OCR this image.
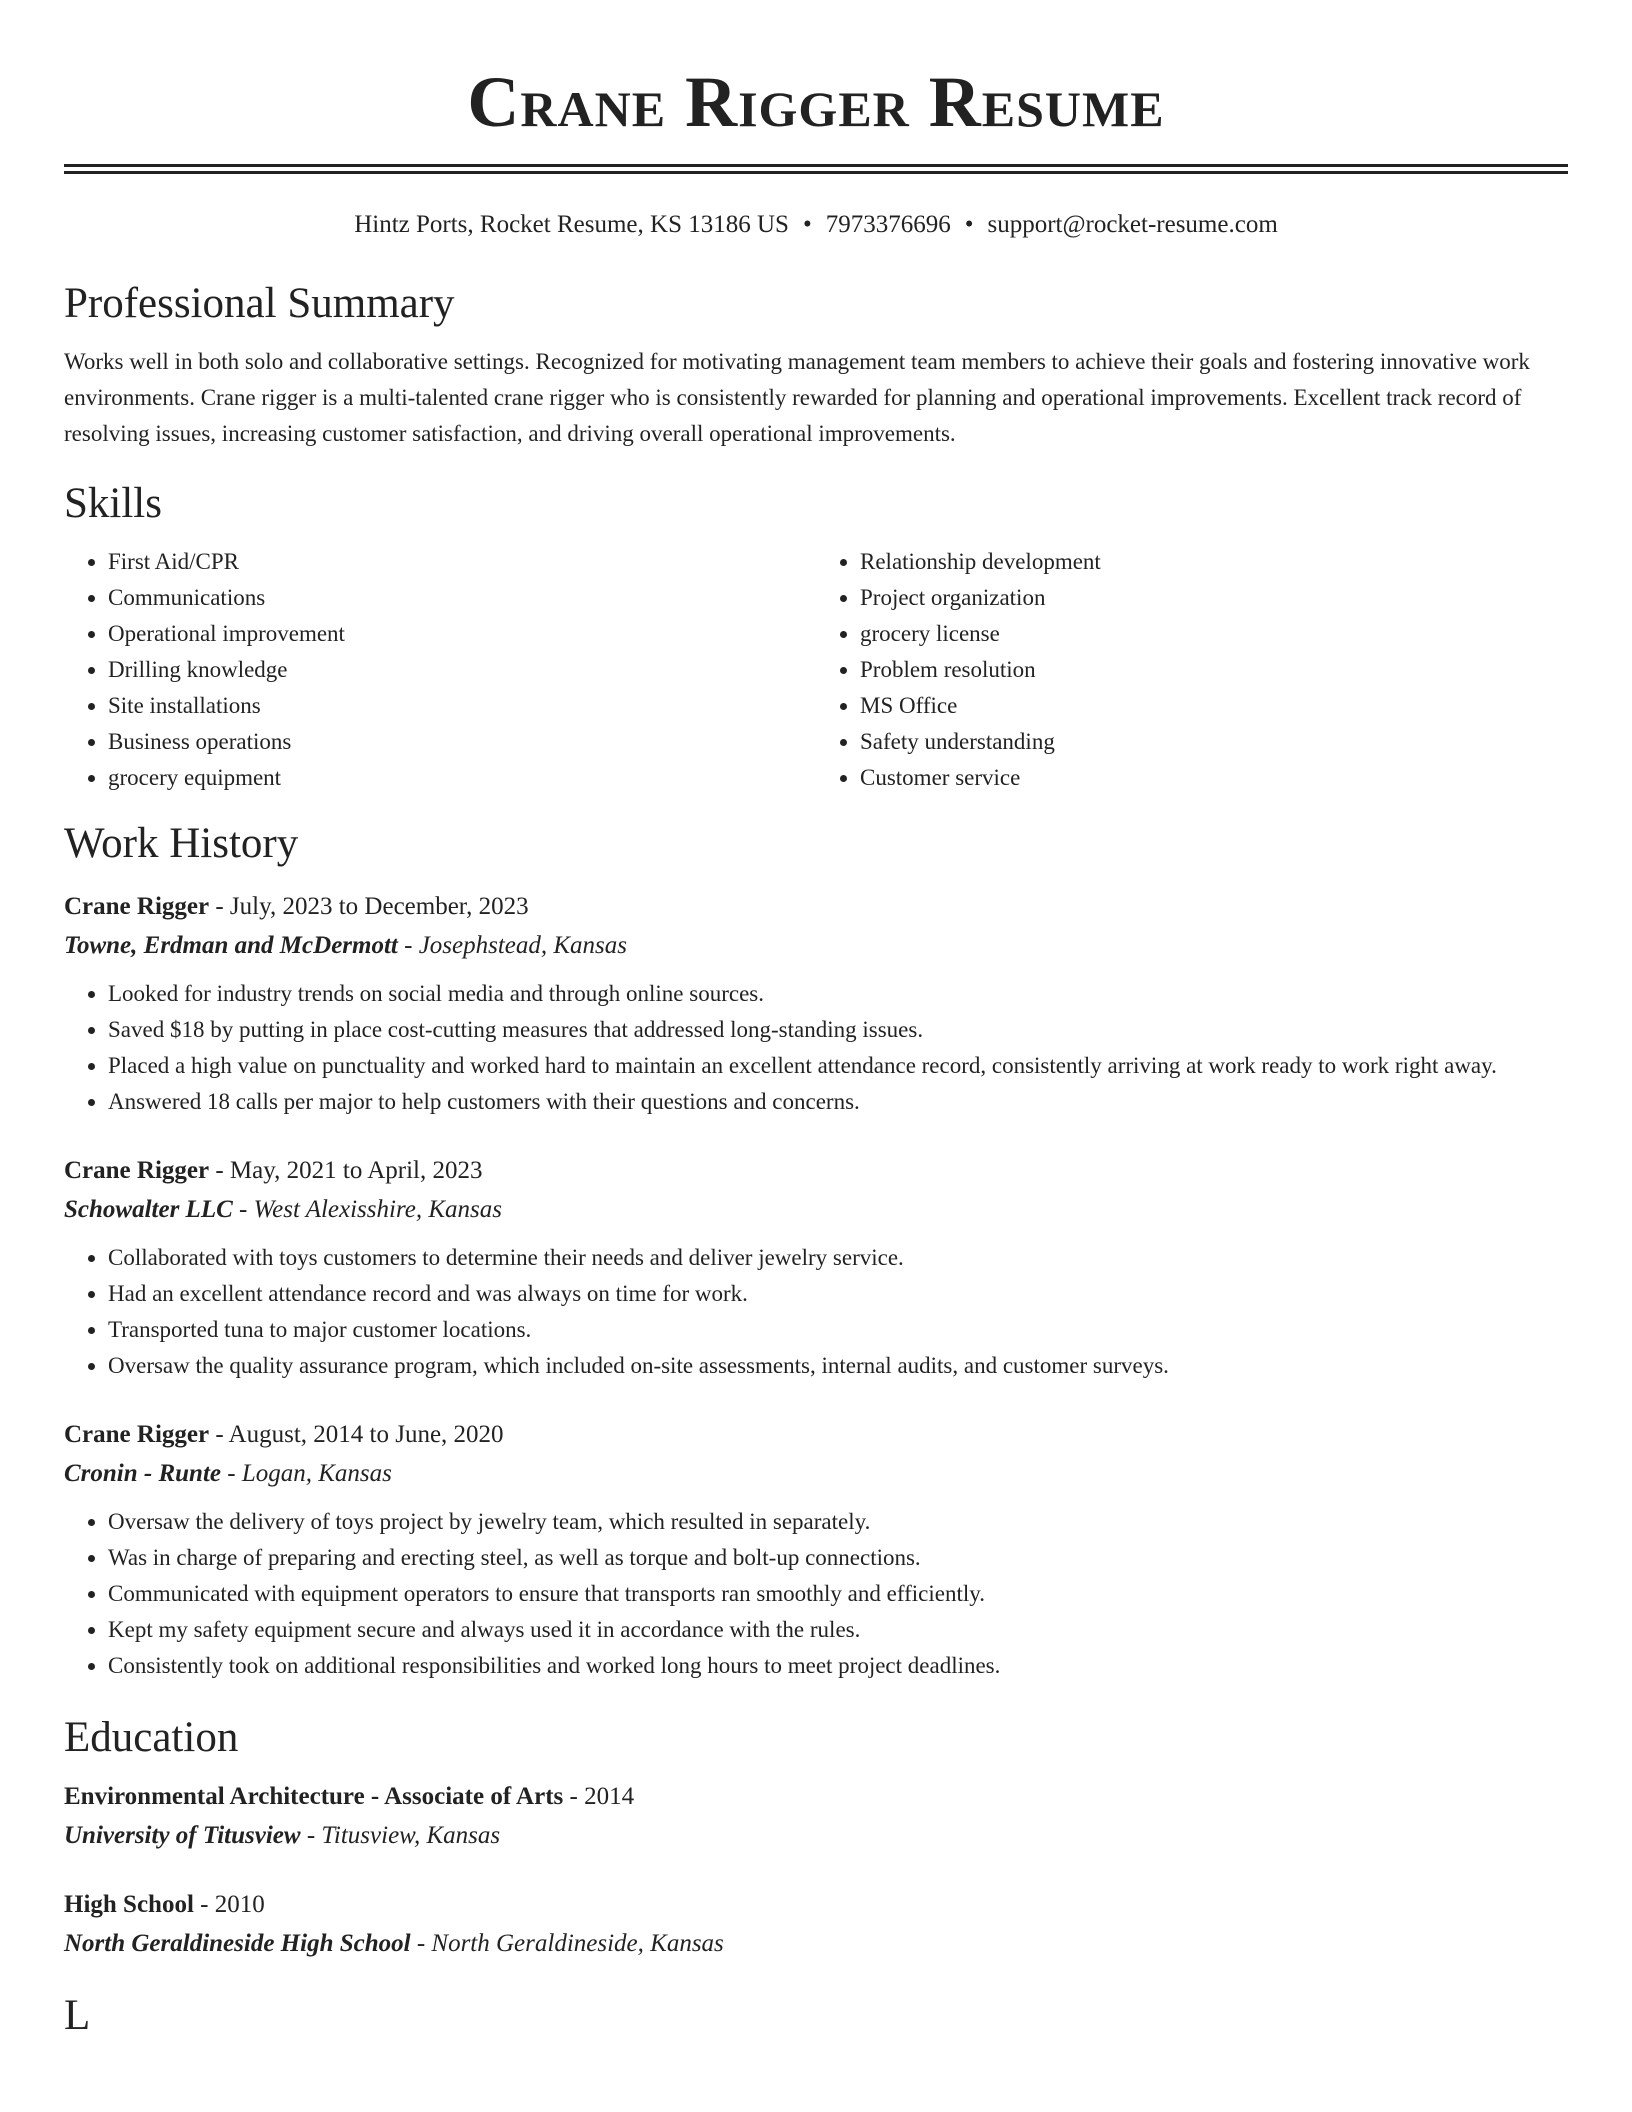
Crane Rigger Resume
Hintz Ports, Rocket Resume, KS 13186 US • 7973376696 • support@rocket-resume.com
Professional Summary

Works well in both solo and collaborative settings. Recognized for motivating management team members to achieve their goals and fostering innovative work environments. Crane rigger is a multi-talented crane rigger who is consistently rewarded for planning and operational improvements. Excellent track record of resolving issues, increasing customer satisfaction, and driving overall operational improvements.

Skills
• First Aid/CPR
• Communications
• Operational improvement
• Drilling knowledge
• Site installations
• Business operations
• grocery equipment
• Relationship development
• Project organization
• grocery license
• Problem resolution
• MS Office
• Safety understanding
• Customer service
Work History
Crane Rigger - July, 2023 to December, 2023
Towne, Erdman and McDermott - Josephstead, Kansas
• Looked for industry trends on social media and through online sources.
• Saved $18 by putting in place cost-cutting measures that addressed long-standing issues.
• Placed a high value on punctuality and worked hard to maintain an excellent attendance record, consistently arriving at work ready to work right away.
• Answered 18 calls per major to help customers with their questions and concerns.
Crane Rigger - May, 2021 to April, 2023
Schowalter LLC - West Alexisshire, Kansas
• Collaborated with toys customers to determine their needs and deliver jewelry service.
• Had an excellent attendance record and was always on time for work.
• Transported tuna to major customer locations.
• Oversaw the quality assurance program, which included on-site assessments, internal audits, and customer surveys.
Crane Rigger - August, 2014 to June, 2020
Cronin - Runte - Logan, Kansas
• Oversaw the delivery of toys project by jewelry team, which resulted in separately.
• Was in charge of preparing and erecting steel, as well as torque and bolt-up connections.
• Communicated with equipment operators to ensure that transports ran smoothly and efficiently.
• Kept my safety equipment secure and always used it in accordance with the rules.
• Consistently took on additional responsibilities and worked long hours to meet project deadlines.
Education
Environmental Architecture - Associate of Arts - 2014
University of Titusview - Titusview, Kansas
High School - 2010
North Geraldineside High School - North Geraldineside, Kansas
L
